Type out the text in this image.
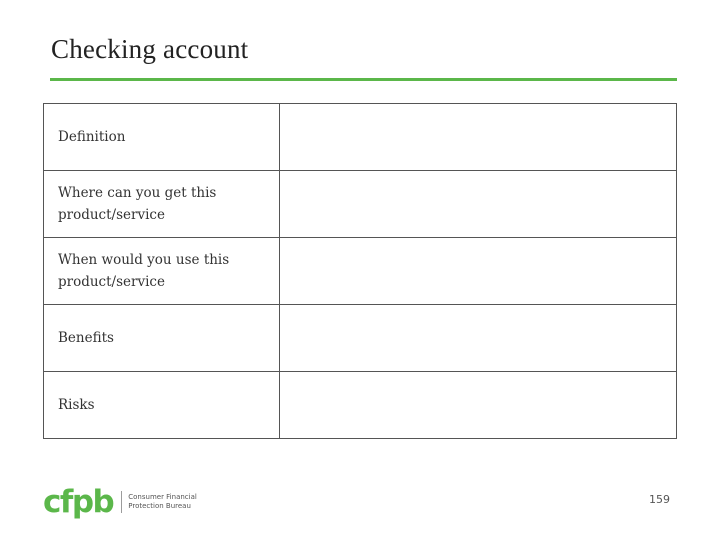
Checking account
Definition	
Where can you get this product/service	
When would you use this product/service	
Benefits	
Risks	
cfpb Consumer Financial
Protection Bureau	159
